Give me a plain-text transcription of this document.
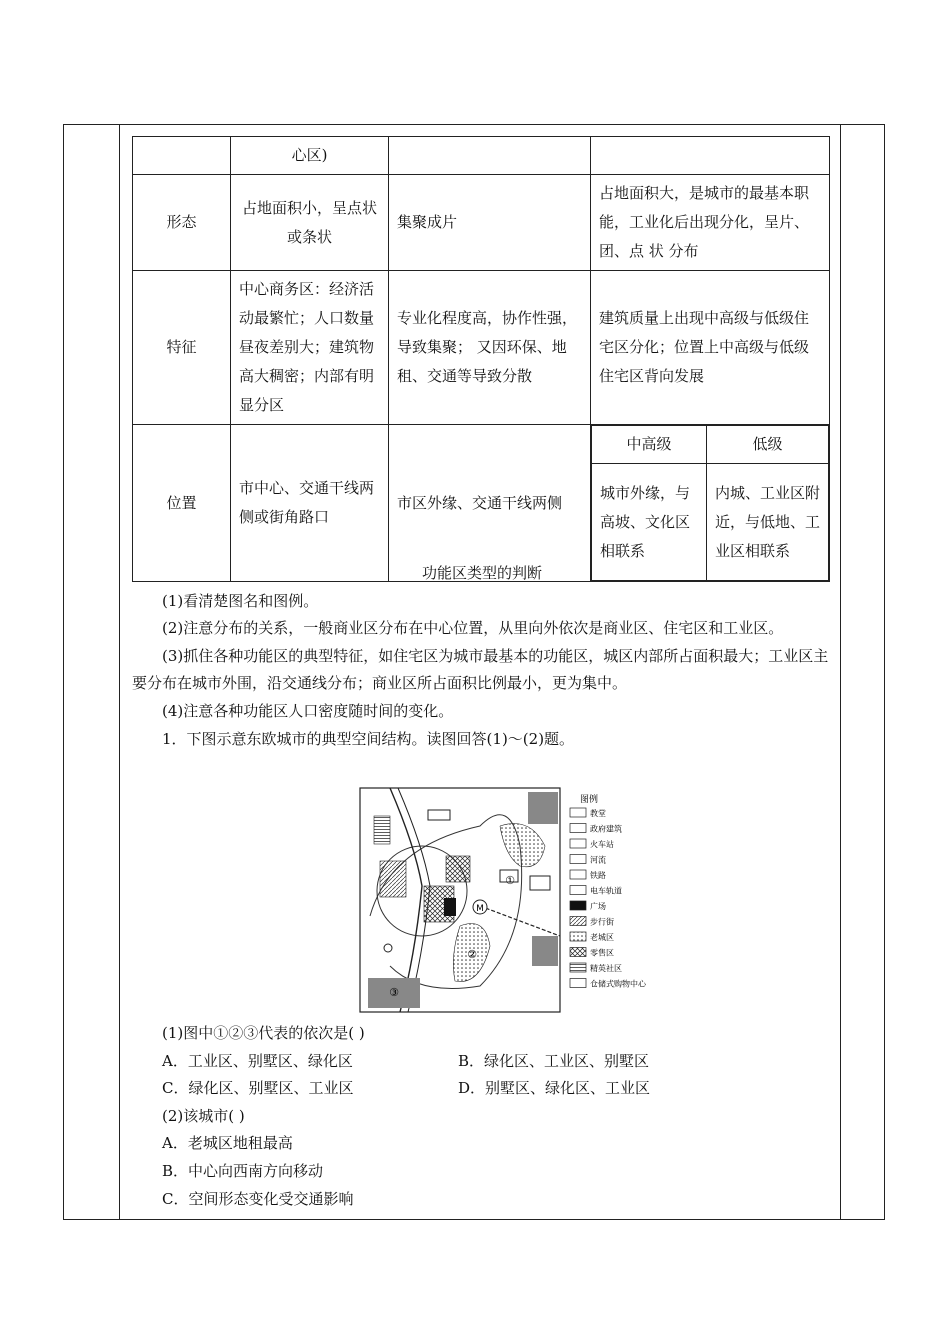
	心区)		
形态	占地面积小，呈点状或条状	集聚成片	占地面积大，是城市的最基本职能，工业化后出现分化，呈片、团、点 状 分布
特征	中心商务区：经济活动最繁忙；人口数量昼夜差别大；建筑物高大稠密；内部有明显分区	专业化程度高，协作性强，导致集聚； 又因环保、地 租、交通等导致分散	建筑质量上出现中高级与低级住宅区分化；位置上中高级与低级住宅区背向发展
位置	市中心、交通干线两侧或街角路口	市区外缘、交通干线两侧	
中高级	低级
城市外缘，与高坡、文化区相联系	内城、工业区附近，与低地、工业区相联系

功能区类型的判断

(1)看清楚图名和图例。

(2)注意分布的关系，一般商业区分布在中心位置，从里向外依次是商业区、住宅区和工业区。

(3)抓住各种功能区的典型特征，如住宅区为城市最基本的功能区，城区内部所占面积最大；工业区主要分布在城市外围，沿交通线分布；商业区所占面积比例最小，更为集中。

(4)注意各种功能区人口密度随时间的变化。

1．下图示意东欧城市的典型空间结构。读图回答(1)～(2)题。

M
①
②
③
图例
教堂
政府建筑
火车站
河流
铁路
电车轨道
广场
步行街
老城区
零售区
精英社区
仓储式购物中心

(1)图中①②③代表的依次是( )

A．工业区、别墅区、绿化区	B．绿化区、工业区、别墅区
C．绿化区、别墅区、工业区	D．别墅区、绿化区、工业区

(2)该城市( )

A．老城区地租最高

B．中心向西南方向移动

C．空间形态变化受交通影响
